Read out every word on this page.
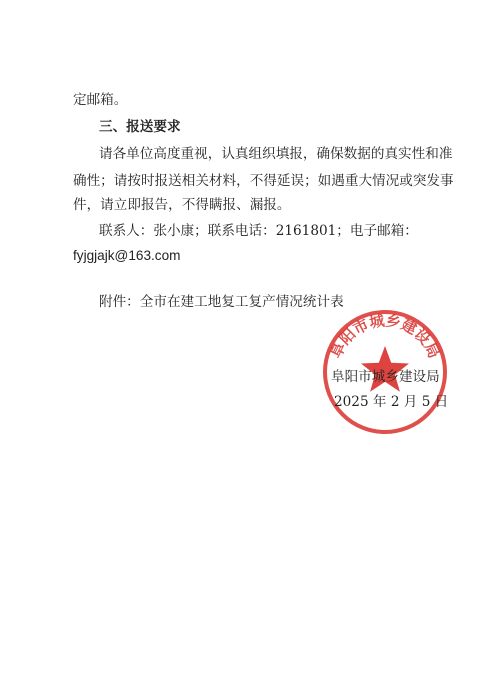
定邮箱。
三、报送要求
请各单位高度重视，认真组织填报，确保数据的真实性和准
确性；请按时报送相关材料，不得延误；如遇重大情况或突发事
件，请立即报告，不得瞒报、漏报。
联系人：张小康；联系电话：2161801；电子邮箱：
fyjgjajk@163.com
附件：全市在建工地复工复产情况统计表
阜阳市城乡建设局
阜阳市城乡建设局
2025 年 2 月 5 日
